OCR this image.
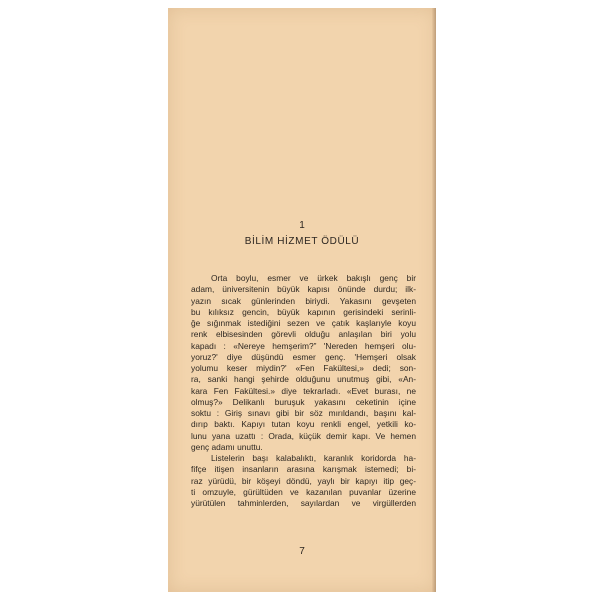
1
BİLİM HİZMET ÖDÜLÜ
Orta boylu, esmer ve ürkek bakışlı genç bir
adam, üniversitenin büyük kapısı önünde durdu; ilk-
yazın sıcak günlerinden biriydi. Yakasını gevşeten
bu kılıksız gencin, büyük kapının gerisindeki serinli-
ğe sığınmak istediğini sezen ve çatık kaşlarıyle koyu
renk elbisesinden görevli olduğu anlaşılan biri yolu
kapadı : «Nereye hemşerim?” 'Nereden hemşeri olu-
yoruz?' diye düşündü esmer genç. 'Hemşeri olsak
yolumu keser miydin?' «Fen Fakültesi,» dedi; son-
ra, sanki hangi şehirde olduğunu unutmuş gibi, «An-
kara Fen Fakültesi.» diye tekrarladı. «Evet burası, ne
olmuş?» Delikanlı buruşuk yakasını ceketinin içine
soktu : Giriş sınavı gibi bir söz mırıldandı, başını kal-
dırıp baktı. Kapıyı tutan koyu renkli engel, yetkili ko-
lunu yana uzattı : Orada, küçük demir kapı. Ve hemen
genç adamı unuttu.
Listelerin başı kalabalıktı, karanlık koridorda ha-
fifçe itişen insanların arasına karışmak istemedi; bi-
raz yürüdü, bir köşeyi döndü, yaylı bir kapıyı itip geç-
ti omzuyle, gürültüden ve kazanılan puvanlar üzerine
yürütülen tahminlerden, sayılardan ve virgüllerden
7
